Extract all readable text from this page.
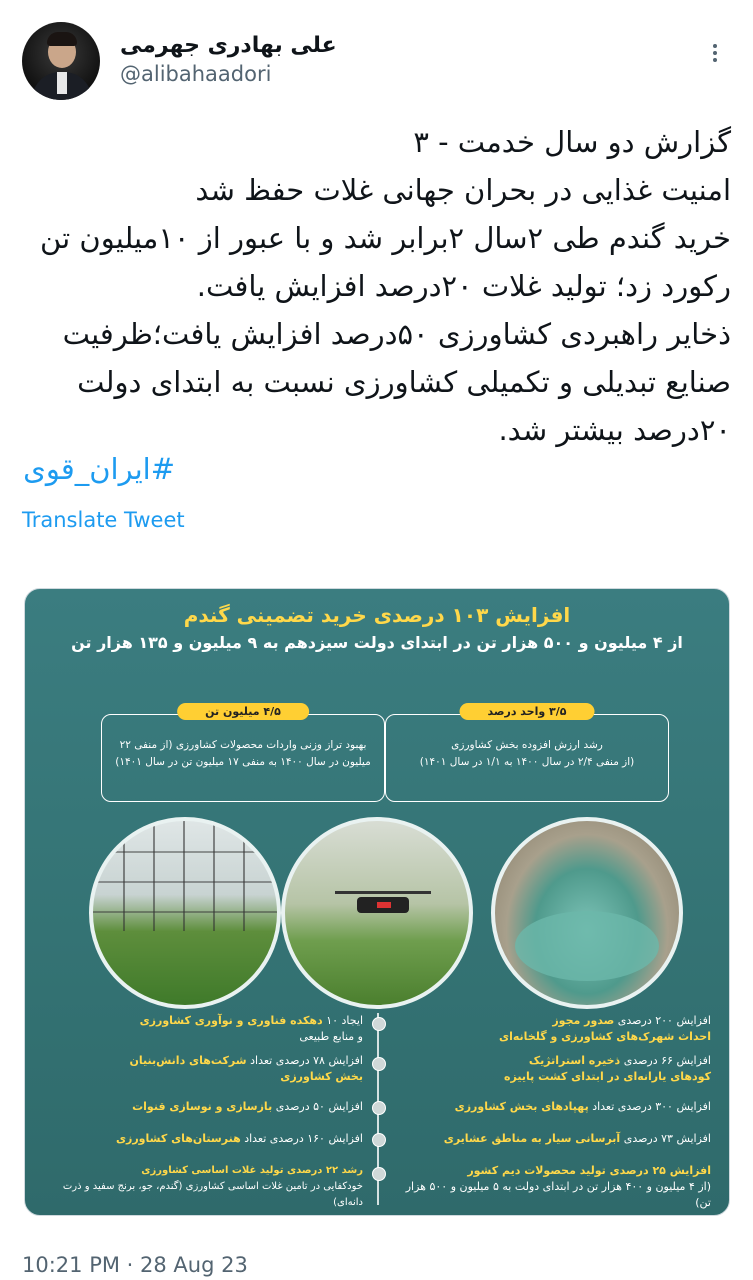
علی بهادری جهرمی
@alibahaadori
گزارش دو سال خدمت - ۳
امنیت غذایی در بحران جهانی غلات حفظ شد
خرید گندم طی ۲سال ۲برابر شد و با عبور از ۱۰میلیون تن
رکورد زد؛ تولید غلات ۲۰درصد افزایش یافت.
ذخایر راهبردی کشاورزی ۵۰درصد افزایش یافت؛ظرفیت
صنایع تبدیلی و تکمیلی کشاورزی نسبت به ابتدای دولت
۲۰درصد بیشتر شد.
#ایران_قوی
Translate Tweet
افزایش ۱۰۳ درصدی خرید تضمینی گندم
از ۴ میلیون و ۵۰۰ هزار تن در ابتدای دولت سیزدهم به ۹ میلیون و ۱۳۵ هزار تن
۴/۵ میلیون تن
بهبود تراز وزنی واردات محصولات کشاورزی (از منفی ۲۲
میلیون در سال ۱۴۰۰ به منفی ۱۷ میلیون تن در سال ۱۴۰۱)
۳/۵ واحد درصد
رشد ارزش افزوده بخش کشاورزی
(از منفی ۲/۴ در سال ۱۴۰۰ به ۱/۱ در سال ۱۴۰۱)
افزایش ۲۰۰ درصدی صدور مجوز
احداث شهرک‌های کشاورزی و گلخانه‌ای
افزایش ۶۶ درصدی ذخیره استراتژیک
کودهای یارانه‌ای در ابتدای کشت پاییزه
افزایش ۳۰۰ درصدی تعداد پهپادهای بخش کشاورزی
افزایش ۷۳ درصدی آبرسانی سیار به مناطق عشایری
افزایش ۲۵ درصدی تولید محصولات دیم کشور
(از ۴ میلیون و ۴۰۰ هزار تن در ابتدای دولت به ۵ میلیون و ۵۰۰ هزار تن)
ایجاد ۱۰ دهکده فناوری و نوآوری کشاورزی
و منابع طبیعی
افزایش ۷۸ درصدی تعداد شرکت‌های دانش‌بنیان
بخش کشاورزی
افزایش ۵۰ درصدی بازسازی و نوسازی قنوات
افزایش ۱۶۰ درصدی تعداد هنرستان‌های کشاورزی
رشد ۲۲ درصدی تولید غلات اساسی کشاورزی
خودکفایی در تامین غلات اساسی کشاورزی (گندم، جو، برنج سفید و ذرت دانه‌ای)
10:21 PM · 28 Aug 23
